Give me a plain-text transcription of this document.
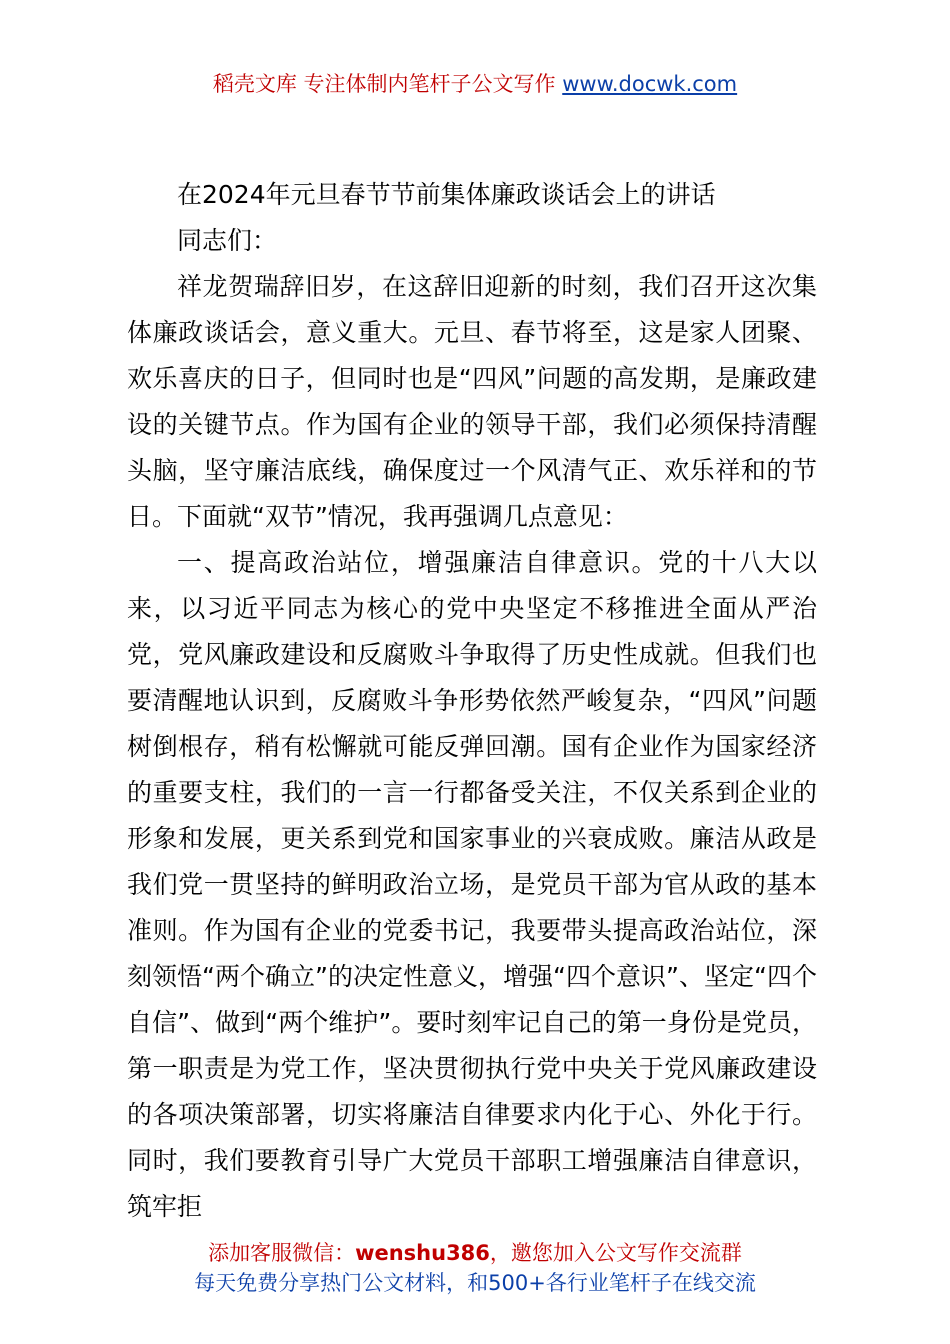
稻壳文库 专注体制内笔杆子公文写作 www.docwk.com

在2024年元旦春节节前集体廉政谈话会上的讲话

同志们：

祥龙贺瑞辞旧岁，在这辞旧迎新的时刻，我们召开这次集体廉政谈话会，意义重大。元旦、春节将至，这是家人团聚、欢乐喜庆的日子，但同时也是“四风”问题的高发期，是廉政建设的关键节点。作为国有企业的领导干部，我们必须保持清醒头脑，坚守廉洁底线，确保度过一个风清气正、欢乐祥和的节日。下面就“双节”情况，我再强调几点意见：

一、提高政治站位，增强廉洁自律意识。党的十八大以来，以习近平同志为核心的党中央坚定不移推进全面从严治党，党风廉政建设和反腐败斗争取得了历史性成就。但我们也要清醒地认识到，反腐败斗争形势依然严峻复杂，“四风”问题树倒根存，稍有松懈就可能反弹回潮。国有企业作为国家经济的重要支柱，我们的一言一行都备受关注，不仅关系到企业的形象和发展，更关系到党和国家事业的兴衰成败。廉洁从政是我们党一贯坚持的鲜明政治立场，是党员干部为官从政的基本准则。作为国有企业的党委书记，我要带头提高政治站位，深刻领悟“两个确立”的决定性意义，增强“四个意识”、坚定“四个自信”、做到“两个维护”。要时刻牢记自己的第一身份是党员，第一职责是为党工作，坚决贯彻执行党中央关于党风廉政建设的各项决策部署，切实将廉洁自律要求内化于心、外化于行。同时，我们要教育引导广大党员干部职工增强廉洁自律意识，筑牢拒

添加客服微信：wenshu386，邀您加入公文写作交流群
每天免费分享热门公文材料，和500+各行业笔杆子在线交流
